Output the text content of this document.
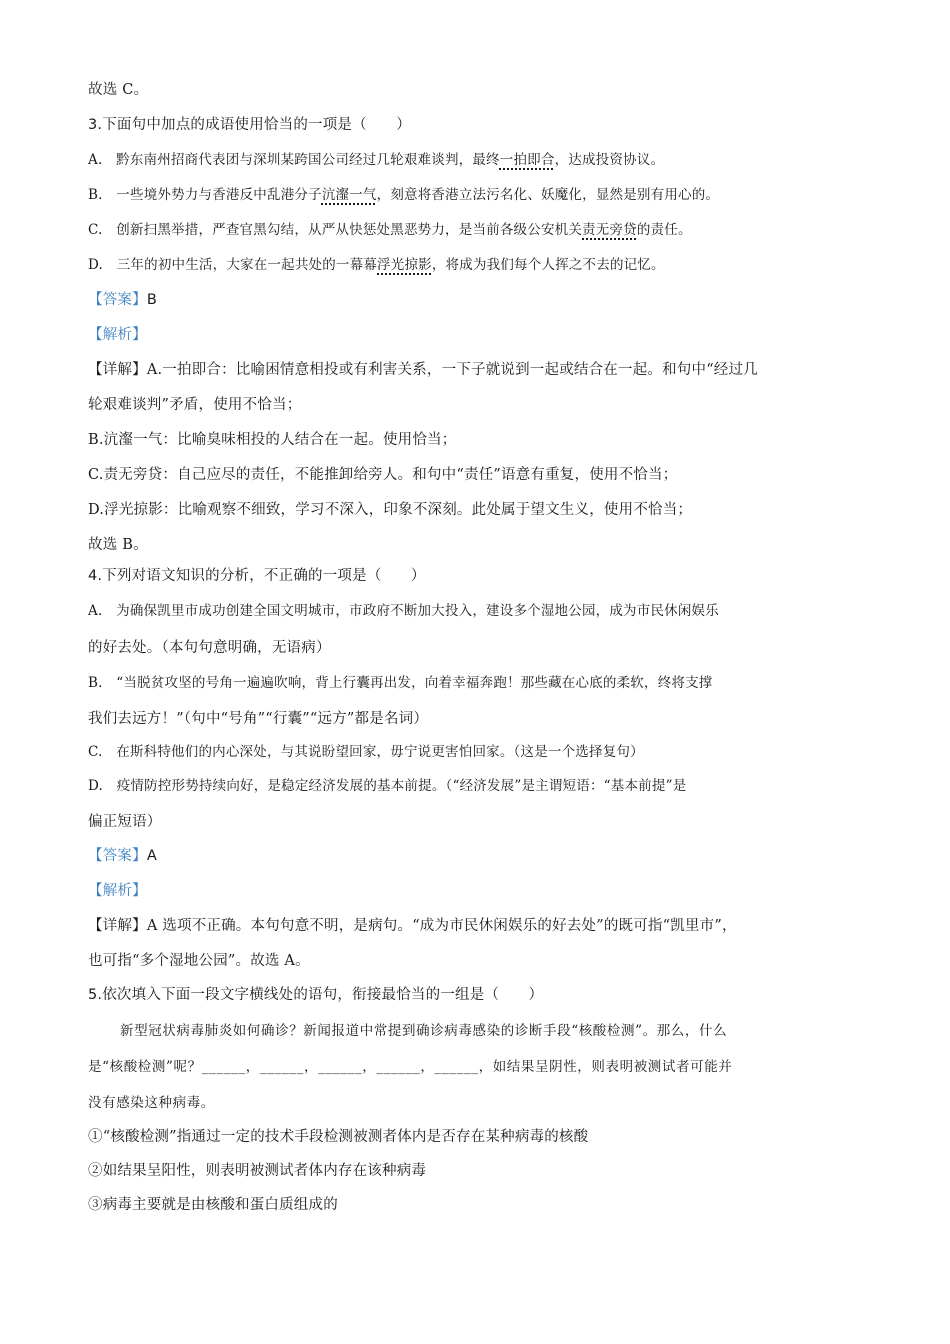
故选 C。
3.下面句中加点的成语使用恰当的一项是（　　）
A.　黔东南州招商代表团与深圳某跨国公司经过几轮艰难谈判，最终一拍即合，达成投资协议。
B.　一些境外势力与香港反中乱港分子沆瀣一气，刻意将香港立法污名化、妖魔化，显然是别有用心的。
C.　创新扫黑举措，严查官黑勾结，从严从快惩处黑恶势力，是当前各级公安机关责无旁贷的责任。
D.　三年的初中生活，大家在一起共处的一幕幕浮光掠影，将成为我们每个人挥之不去的记忆。
【答案】B
【解析】
【详解】A.一拍即合：比喻困情意相投或有利害关系，一下子就说到一起或结合在一起。和句中“经过几
轮艰难谈判”矛盾，使用不恰当；
B.沆瀣一气：比喻臭味相投的人结合在一起。使用恰当；
C.责无旁贷：自己应尽的责任，不能推卸给旁人。和句中“责任”语意有重复，使用不恰当；
D.浮光掠影：比喻观察不细致，学习不深入，印象不深刻。此处属于望文生义，使用不恰当；
故选 B。
4.下列对语文知识的分析，不正确的一项是（　　）
A.　为确保凯里市成功创建全国文明城市，市政府不断加大投入，建设多个湿地公园，成为市民休闲娱乐
的好去处。（本句句意明确，无语病）
B.　“当脱贫攻坚的号角一遍遍吹响，背上行囊再出发，向着幸福奔跑！那些藏在心底的柔软，终将支撑
我们去远方！”（句中“号角”“行囊”“远方”都是名词）
C.　在斯科特他们的内心深处，与其说盼望回家，毋宁说更害怕回家。（这是一个选择复句）
D.　疫情防控形势持续向好，是稳定经济发展的基本前提。（“经济发展”是主谓短语：“基本前提”是
偏正短语）
【答案】A
【解析】
【详解】A 选项不正确。本句句意不明，是病句。“成为市民休闲娱乐的好去处”的既可指“凯里市”，
也可指“多个湿地公园”。故选 A。
5.依次填入下面一段文字横线处的语句，衔接最恰当的一组是（　　）
新型冠状病毒肺炎如何确诊？新闻报道中常提到确诊病毒感染的诊断手段“核酸检测”。那么，什么
是“核酸检测”呢？______，______，______，______，______，如结果呈阴性，则表明被测试者可能并
没有感染这种病毒。
①“核酸检测”指通过一定的技术手段检测被测者体内是否存在某种病毒的核酸
②如结果呈阳性，则表明被测试者体内存在该种病毒
③病毒主要就是由核酸和蛋白质组成的
